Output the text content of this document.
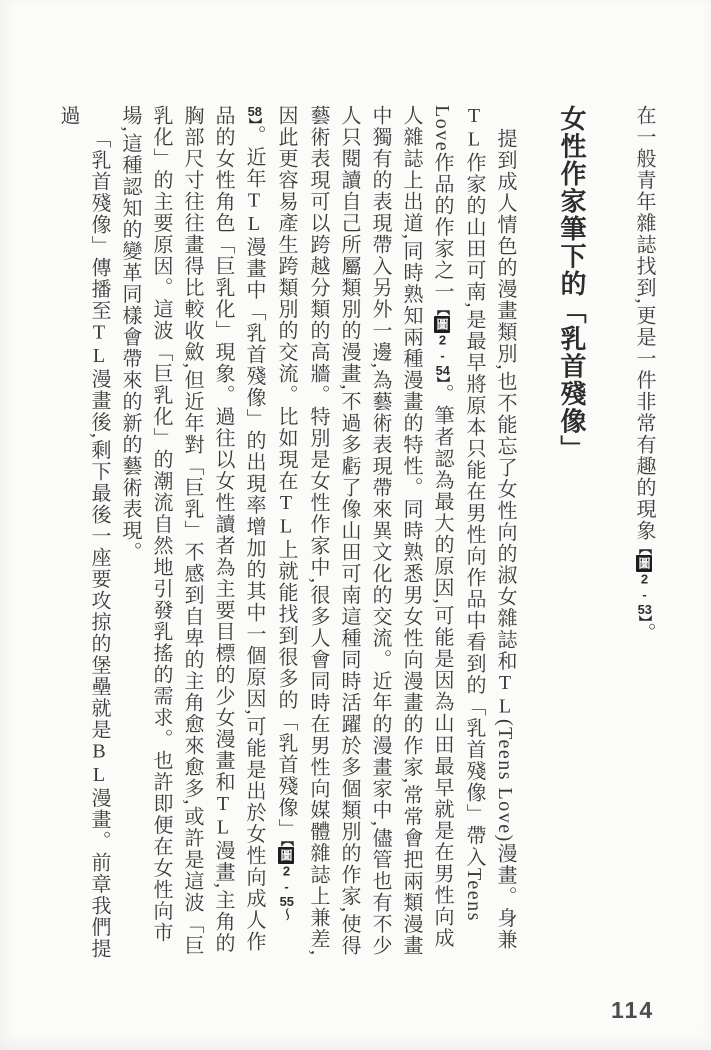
在一般青年雜誌找到,更是一件非常有趣的現象【圖2-53】。

女性作家筆下的「乳首殘像」

提到成人情色的漫畫類別,也不能忘了女性向的淑女雜誌和TL(Teens Love)漫畫。身兼TL作家的山田可南,是最早將原本只能在男性向作品中看到的「乳首殘像」帶入Teens Love作品的作家之一【圖2-54】。筆者認為最大的原因,可能是因為山田最早就是在男性向成人雜誌上出道,同時熟知兩種漫畫的特性。同時熟悉男女性向漫畫的作家,常常會把兩類漫畫中獨有的表現帶入另外一邊,為藝術表現帶來異文化的交流。近年的漫畫家中,儘管也有不少人只閱讀自己所屬類別的漫畫,不過多虧了像山田可南這種同時活躍於多個類別的作家,使得藝術表現可以跨越分類的高牆。特別是女性作家中,很多人會同時在男性向媒體雜誌上兼差,因此更容易產生跨類別的交流。比如現在TL上就能找到很多的「乳首殘像」【圖2-55〜58】。近年TL漫畫中「乳首殘像」的出現率增加的其中一個原因,可能是出於女性向成人作品的女性角色「巨乳化」現象。過往以女性讀者為主要目標的少女漫畫和TL漫畫,主角的胸部尺寸往往畫得比較收斂,但近年對「巨乳」不感到自卑的主角愈來愈多,或許是這波「巨乳化」的主要原因。這波「巨乳化」的潮流自然地引發乳搖的需求。也許即便在女性向市場,這種認知的變革同樣會帶來的新的藝術表現。

「乳首殘像」傳播至TL漫畫後,剩下最後一座要攻掠的堡壘就是BL漫畫。前章我們提過

114
